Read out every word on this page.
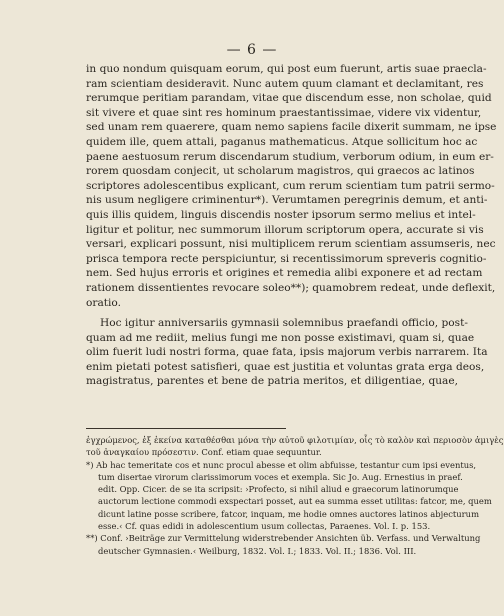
— 6 —
in quo nondum quisquam eorum, qui post eum fuerunt, artis suae praecla-
ram scientiam desideravit. Nunc autem quum clamant et declamitant, res
rerumque peritiam parandam, vitae que discendum esse, non scholae, quid
sit vivere et quae sint res hominum praestantissimae, videre vix videntur,
sed unam rem quaerere, quam nemo sapiens facile dixerit summam, ne ipse
quidem ille, quem attali, paganus mathematicus. Atque sollicitum hoc ac
paene aestuosum rerum discendarum studium, verborum odium, in eum er-
rorem quosdam conjecit, ut scholarum magistros, qui graecos ac latinos
scriptores adolescentibus explicant, cum rerum scientiam tum patrii sermo-
nis usum negligere criminentur*). Verumtamen peregrinis demum, et anti-
quis illis quidem, linguis discendis noster ipsorum sermo melius et intel-
ligitur et politur, nec summorum illorum scriptorum opera, accurate si vis
versari, explicari possunt, nisi multiplicem rerum scientiam assumseris, nec
prisca tempora recte perspiciuntur, si recentissimorum spreveris cognitio-
nem. Sed hujus erroris et origines et remedia alibi exponere et ad rectam
rationem dissentientes revocare soleo**); quamobrem redeat, unde deflexit,
oratio.
Hoc igitur anniversariis gymnasii solemnibus praefandi officio, post-
quam ad me rediit, melius fungi me non posse existimavi, quam si, quae
olim fuerit ludi nostri forma, quae fata, ipsis majorum verbis narrarem. Ita
enim pietati potest satisfieri, quae est justitia et voluntas grata erga deos,
magistratus, parentes et bene de patria meritos, et diligentiae, quae,
ἐγχρώμενος, ἐξ ἐκείνα καταθέσθαι μόνα τὴν αὐτοῦ φιλοτιμίαν, οἷς τὸ καλὸν καὶ περιοσὸν ἀμιγὲς
τοῦ ἀναγκαίου πρόσεστιν. Conf. etiam quae sequuntur.
*) Ab hac temeritate cos et nunc procul abesse et olim abfuisse, testantur cum ipsi eventus,
tum disertae virorum clarissimorum voces et exempla. Sic Jo. Aug. Ernestius in praef.
edit. Opp. Cicer. de se ita scripsit: ›Profecto, si nihil aliud e graecorum latinorumque
auctorum lectione commodi exspectari posset, aut ea summa esset utilitas: fatcor, me, quem
dicunt latine posse scribere, fatcor, inquam, me hodie omnes auctores latinos abjecturum
esse.‹ Cf. quas edidi in adolescentium usum collectas, Paraenes. Vol. I. p. 153.
**) Conf. ›Beiträge zur Vermittelung widerstrebender Ansichten üb. Verfass. und Verwaltung
deutscher Gymnasien.‹ Weilburg, 1832. Vol. I.; 1833. Vol. II.; 1836. Vol. III.
